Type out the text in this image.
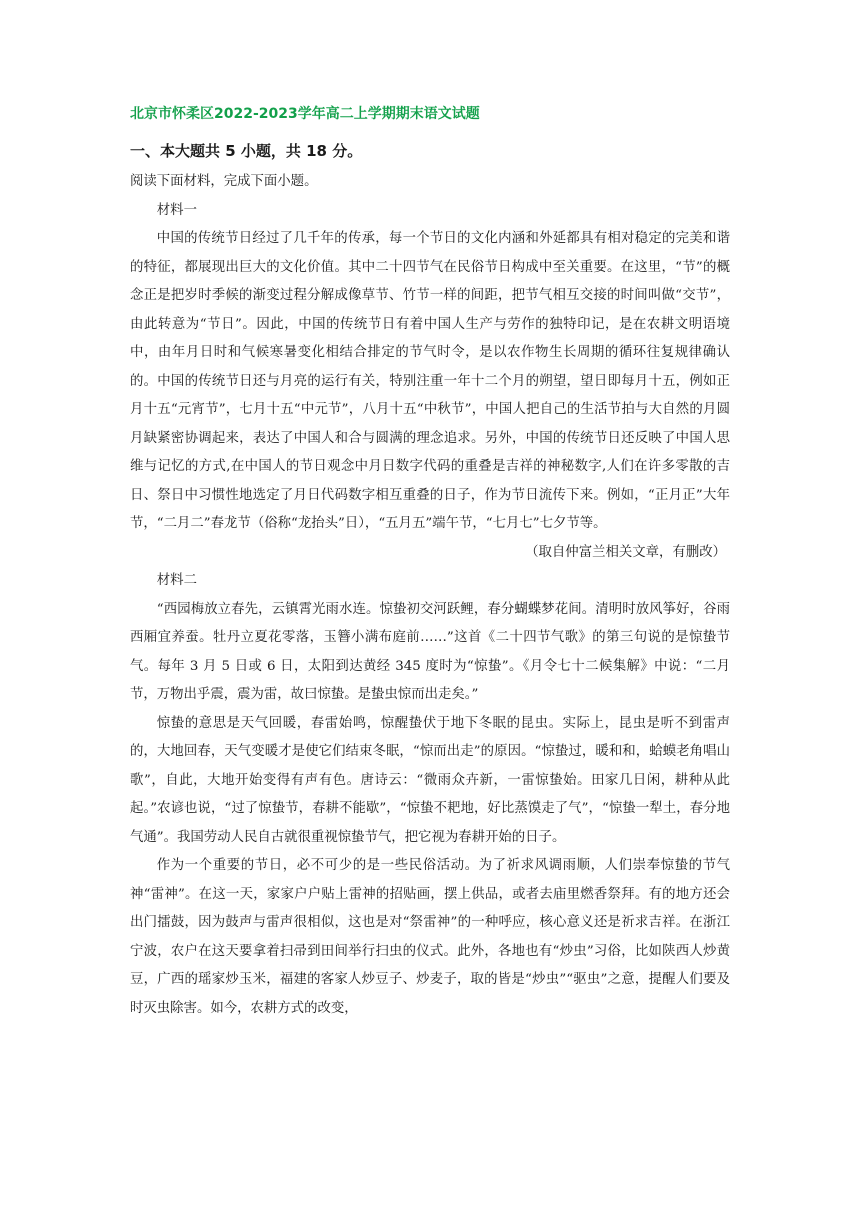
北京市怀柔区2022-2023学年高二上学期期末语文试题
一、本大题共 5 小题，共 18 分。

阅读下面材料，完成下面小题。

材料一

中国的传统节日经过了几千年的传承，每一个节日的文化内涵和外延都具有相对稳定的完美和谐的特征，都展现出巨大的文化价值。其中二十四节气在民俗节日构成中至关重要。在这里，“节”的概念正是把岁时季候的渐变过程分解成像草节、竹节一样的间距，把节气相互交接的时间叫做“交节”，由此转意为“节日”。因此，中国的传统节日有着中国人生产与劳作的独特印记，是在农耕文明语境中，由年月日时和气候寒暑变化相结合排定的节气时令，是以农作物生长周期的循环往复规律确认的。中国的传统节日还与月亮的运行有关，特别注重一年十二个月的朔望，望日即每月十五，例如正月十五“元宵节”，七月十五“中元节”，八月十五“中秋节”，中国人把自己的生活节拍与大自然的月圆月缺紧密协调起来，表达了中国人和合与圆满的理念追求。另外，中国的传统节日还反映了中国人思维与记忆的方式,在中国人的节日观念中月日数字代码的重叠是吉祥的神秘数字,人们在许多零散的吉日、祭日中习惯性地选定了月日代码数字相互重叠的日子，作为节日流传下来。例如，“正月正”大年节，“二月二”春龙节（俗称“龙抬头”日），“五月五”端午节，“七月七”七夕节等。

（取自仲富兰相关文章，有删改）

材料二

“西园梅放立春先，云镇霄光雨水连。惊蛰初交河跃鲤，春分蝴蝶梦花间。清明时放风筝好，谷雨西厢宜养蚕。牡丹立夏花零落，玉簪小满布庭前……”这首《二十四节气歌》的第三句说的是惊蛰节气。每年 3 月 5 日或 6 日，太阳到达黄经 345 度时为“惊蛰”。《月令七十二候集解》中说：“二月节，万物出乎震，震为雷，故曰惊蛰。是蛰虫惊而出走矣。”

惊蛰的意思是天气回暖，春雷始鸣，惊醒蛰伏于地下冬眠的昆虫。实际上，昆虫是听不到雷声的，大地回春，天气变暖才是使它们结束冬眠，“惊而出走”的原因。“惊蛰过，暖和和，蛤蟆老角唱山歌”，自此，大地开始变得有声有色。唐诗云：“微雨众卉新，一雷惊蛰始。田家几日闲，耕种从此起。”农谚也说，“过了惊蛰节，春耕不能歇”，“惊蛰不耙地，好比蒸馍走了气”，“惊蛰一犁土，春分地气通”。我国劳动人民自古就很重视惊蛰节气，把它视为春耕开始的日子。

作为一个重要的节日，必不可少的是一些民俗活动。为了祈求风调雨顺，人们崇奉惊蛰的节气神“雷神”。在这一天，家家户户贴上雷神的招贴画，摆上供品，或者去庙里燃香祭拜。有的地方还会出门擂鼓，因为鼓声与雷声很相似，这也是对“祭雷神”的一种呼应，核心意义还是祈求吉祥。在浙江宁波，农户在这天要拿着扫帚到田间举行扫虫的仪式。此外，各地也有“炒虫”习俗，比如陕西人炒黄豆，广西的瑶家炒玉米，福建的客家人炒豆子、炒麦子，取的皆是“炒虫”“驱虫”之意，提醒人们要及时灭虫除害。如今，农耕方式的改变，
